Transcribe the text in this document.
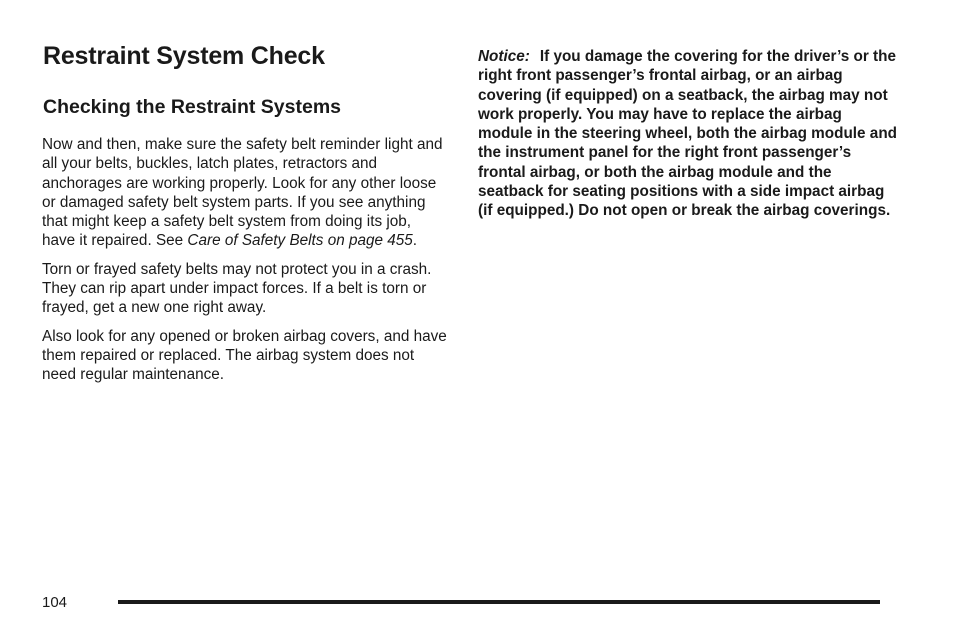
Restraint System Check
Checking the Restraint Systems

Now and then, make sure the safety belt reminder light and all your belts, buckles, latch plates, retractors and anchorages are working properly. Look for any other loose or damaged safety belt system parts. If you see anything that might keep a safety belt system from doing its job, have it repaired. See Care of Safety Belts on page 455.

Torn or frayed safety belts may not protect you in a crash. They can rip apart under impact forces. If a belt is torn or frayed, get a new one right away.

Also look for any opened or broken airbag covers, and have them repaired or replaced. The airbag system does not need regular maintenance.

Notice: If you damage the covering for the driver’s or the right front passenger’s frontal airbag, or an airbag covering (if equipped) on a seatback, the airbag may not work properly. You may have to replace the airbag module in the steering wheel, both the airbag module and the instrument panel for the right front passenger’s frontal airbag, or both the airbag module and the seatback for seating positions with a side impact airbag (if equipped.) Do not open or break the airbag coverings.

104
